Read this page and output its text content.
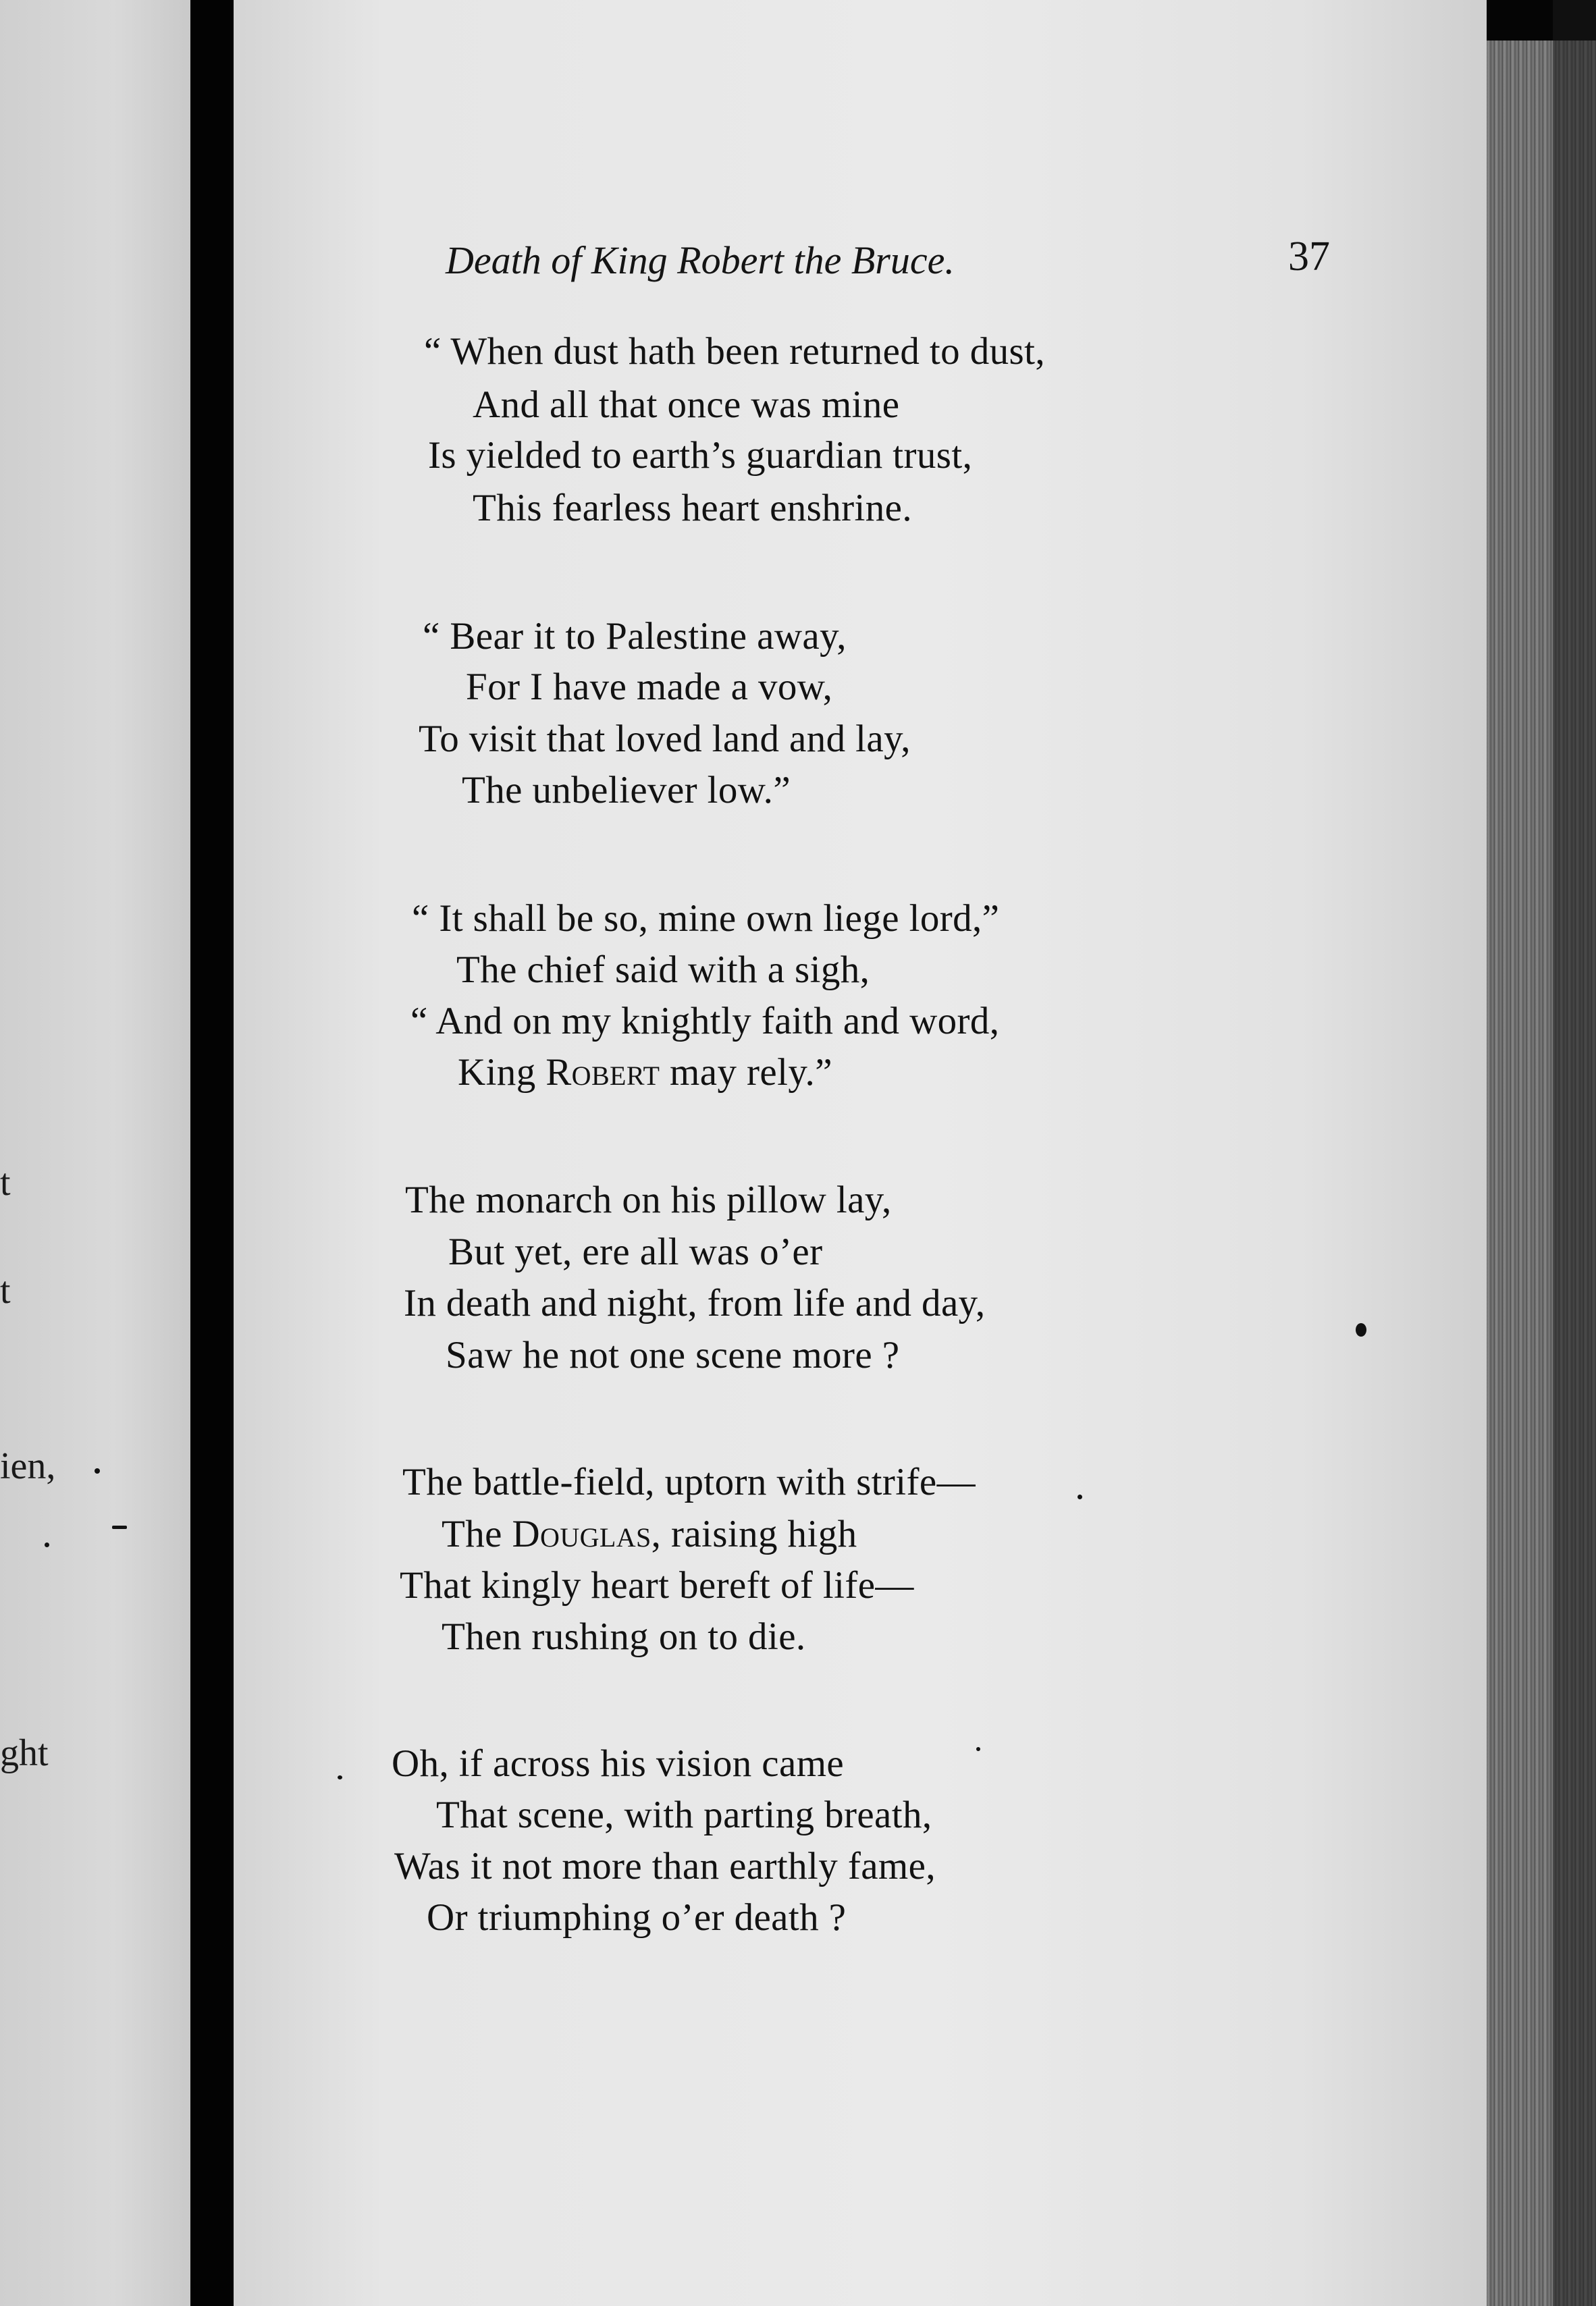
t
t
ien,
ght
Death of King Robert the Bruce.	37
“ When dust hath been returned to dust,
And all that once was mine
Is yielded to earth’s guardian trust,
This fearless heart enshrine.
“ Bear it to Palestine away,
For I have made a vow,
To visit that loved land and lay,
The unbeliever low.”
“ It shall be so, mine own liege lord,”
The chief said with a sigh,
“ And on my knightly faith and word,
King Robert may rely.”
The monarch on his pillow lay,
But yet, ere all was o’er
In death and night, from life and day,
Saw he not one scene more ?
The battle-field, uptorn with strife—
The Douglas, raising high
That kingly heart bereft of life—
Then rushing on to die.
Oh, if across his vision came
That scene, with parting breath,
Was it not more than earthly fame,
Or triumphing o’er death ?
